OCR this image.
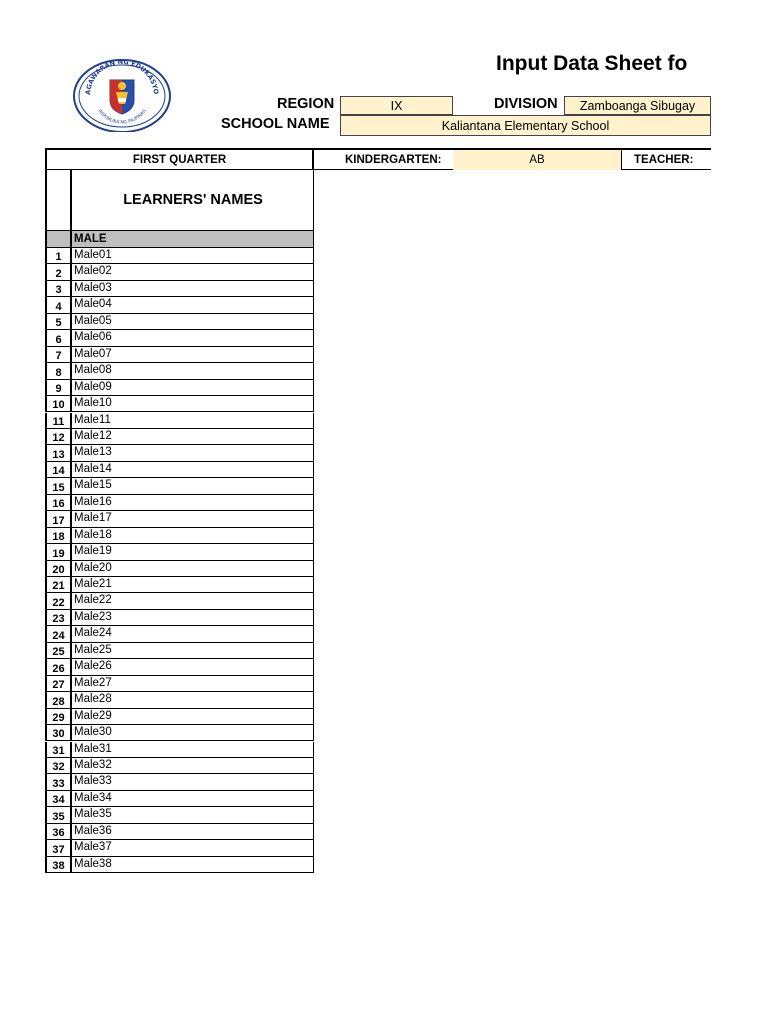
Input Data Sheet fo
AGAWARAN NG EDUKASYO
REPUBLIKA NG PILIPINAS	REGION	IX	DIVISION	Zamboanga Sibugay
SCHOOL NAME	Kaliantana Elementary School
FIRST QUARTER	KINDERGARTEN:	AB	TEACHER:
LEARNERS' NAMES
MALE
1	Male01
2	Male02
3	Male03
4	Male04
5	Male05
6	Male06
7	Male07
8	Male08
9	Male09
10 Male10
11 Male11
12 Male12
13 Male13
14 Male14
15 Male15
16 Male16
17 Male17
18 Male18
19 Male19
20 Male20
21 Male21
22 Male22
23 Male23
24 Male24
25 Male25
26 Male26
27 Male27
28 Male28
29 Male29
30 Male30
31 Male31
32 Male32
33 Male33
34 Male34
35 Male35
36 Male36
37 Male37
38 Male38
